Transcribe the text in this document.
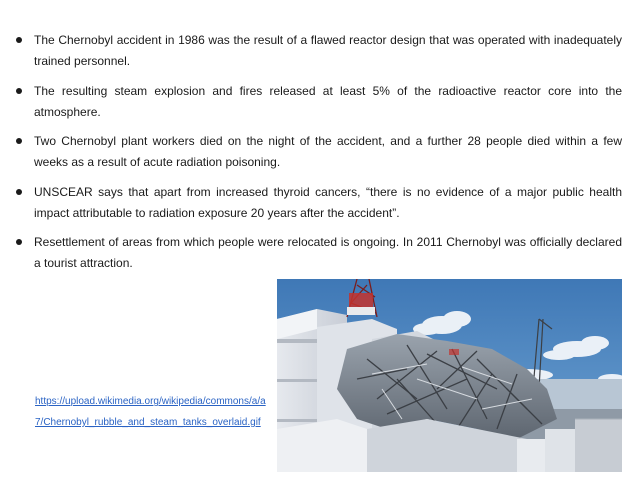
The Chernobyl accident in 1986 was the result of a flawed reactor design that was operated with inadequately trained personnel.
The resulting steam explosion and fires released at least 5% of the radioactive reactor core into the atmosphere.
Two Chernobyl plant workers died on the night of the accident, and a further 28 people died within a few weeks as a result of acute radiation poisoning.
UNSCEAR says that apart from increased thyroid cancers, “there is no evidence of a major public health impact attributable to radiation exposure 20 years after the accident”.
Resettlement of areas from which people were relocated is ongoing. In 2011 Chernobyl was officially declared a tourist attraction.
https://upload.wikimedia.org/wikipedia/commons/a/a7/Chernobyl_rubble_and_steam_tanks_overlaid.gif
